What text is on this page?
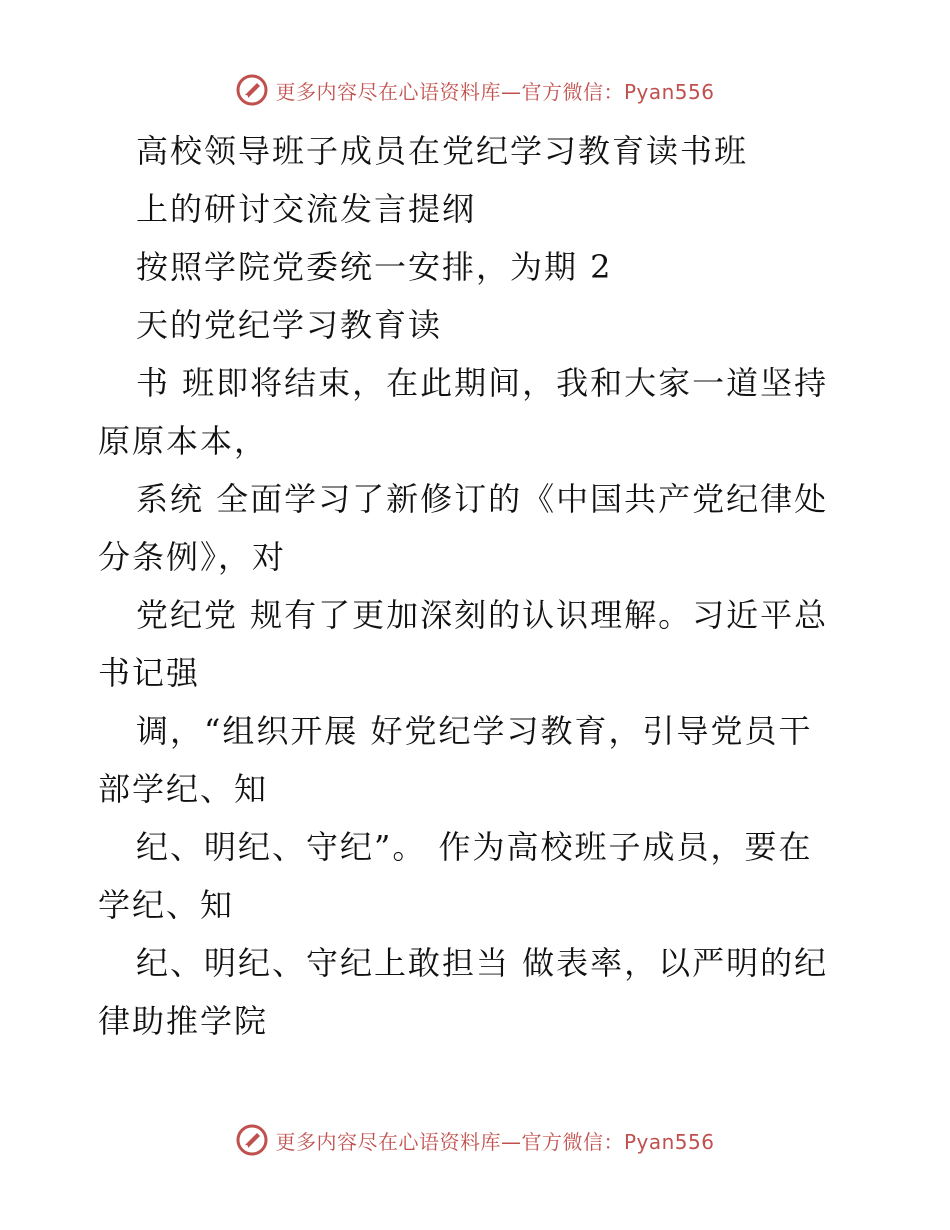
更多内容尽在心语资料库—官方微信：Pyan556
高校领导班子成员在党纪学习教育读书班
上的研讨交流发言提纲
按照学院党委统一安排，为期 2
天的党纪学习教育读
书 班即将结束，在此期间，我和大家一道坚持
原原本本，
系统 全面学习了新修订的《中国共产党纪律处
分条例》，对
党纪党 规有了更加深刻的认识理解。习近平总
书记强
调，“组织开展 好党纪学习教育，引导党员干
部学纪、知
纪、明纪、守纪”。 作为高校班子成员，要在
学纪、知
纪、明纪、守纪上敢担当 做表率，以严明的纪
律助推学院
更多内容尽在心语资料库—官方微信：Pyan556
